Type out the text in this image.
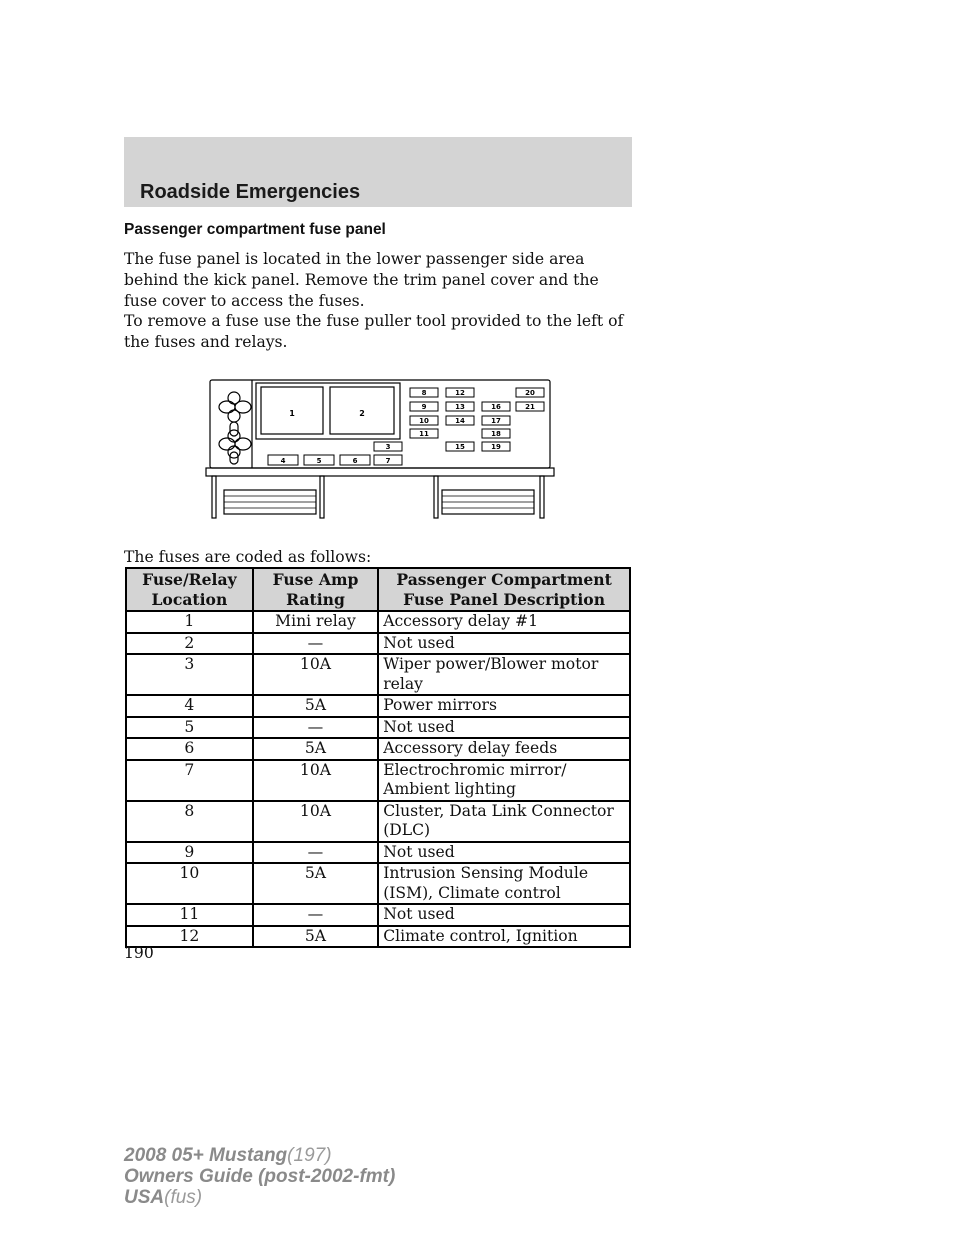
Roadside Emergencies
Passenger compartment fuse panel

The fuse panel is located in the lower passenger side area behind the kick panel. Remove the trim panel cover and the fuse cover to access the fuses.

To remove a fuse use the fuse puller tool provided to the left of the fuses and relays.

1	2
3
4	5	6	7
8
9
10
11
12
13
14
15
16
17
18
19
20
21

The fuses are coded as follows:

Fuse/Relay Location	Fuse Amp Rating	Passenger Compartment Fuse Panel Description
1	Mini relay	Accessory delay #1
2	—	Not used
3	10A	Wiper power/Blower motor relay
4	5A	Power mirrors
5	—	Not used
6	5A	Accessory delay feeds
7	10A	Electrochromic mirror/ Ambient lighting
8	10A	Cluster, Data Link Connector (DLC)
9	—	Not used
10	5A	Intrusion Sensing Module (ISM), Climate control
11	—	Not used
12	5A	Climate control, Ignition

190

2008 05+ Mustang(197)
Owners Guide (post-2002-fmt)
USA(fus)
